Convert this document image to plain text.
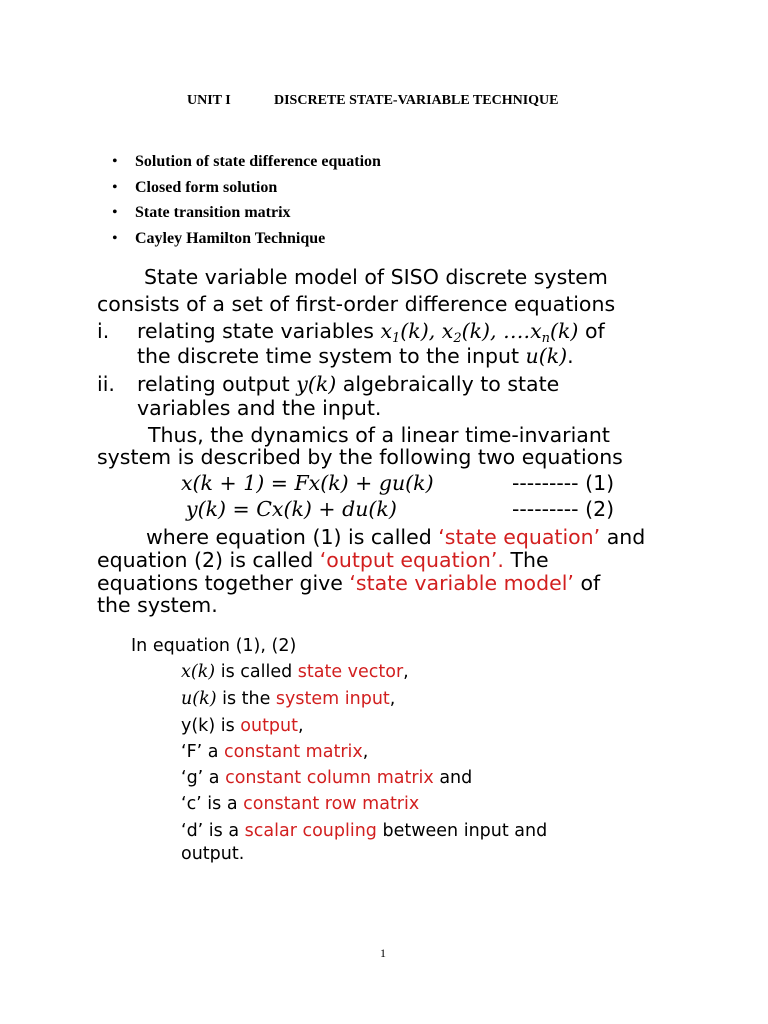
UNIT I	DISCRETE STATE-VARIABLE TECHNIQUE
• Solution of state difference equation
• Closed form solution
• State transition matrix
• Cayley Hamilton Technique
State variable model of SISO discrete system
consists of a set of first-order difference equations
i. relating state variables $x_1(k)$, $x_2(k)$, $\dots.x_n(k)$ of
the discrete time system to the input u(k).
ii. relating output y(k) algebraically to state
variables and the input.
Thus, the dynamics of a linear time-invariant
system is described by the following two equations
x(k + 1) = Fx(k) + gu(k)	--------- (1)
y(k) = Cx(k) + du(k)	--------- (2)
where equation (1) is called ‘state equation’ and
equation (2) is called ‘output equation’. The
equations together give ‘state variable model’ of
the system.
In equation (1), (2)
x(k) is called state vector,
u(k) is the system input,
y(k) is output,
‘F’ a constant matrix,
‘g’ a constant column matrix and
‘c’ is a constant row matrix
‘d’ is a scalar coupling between input and
output.
1
